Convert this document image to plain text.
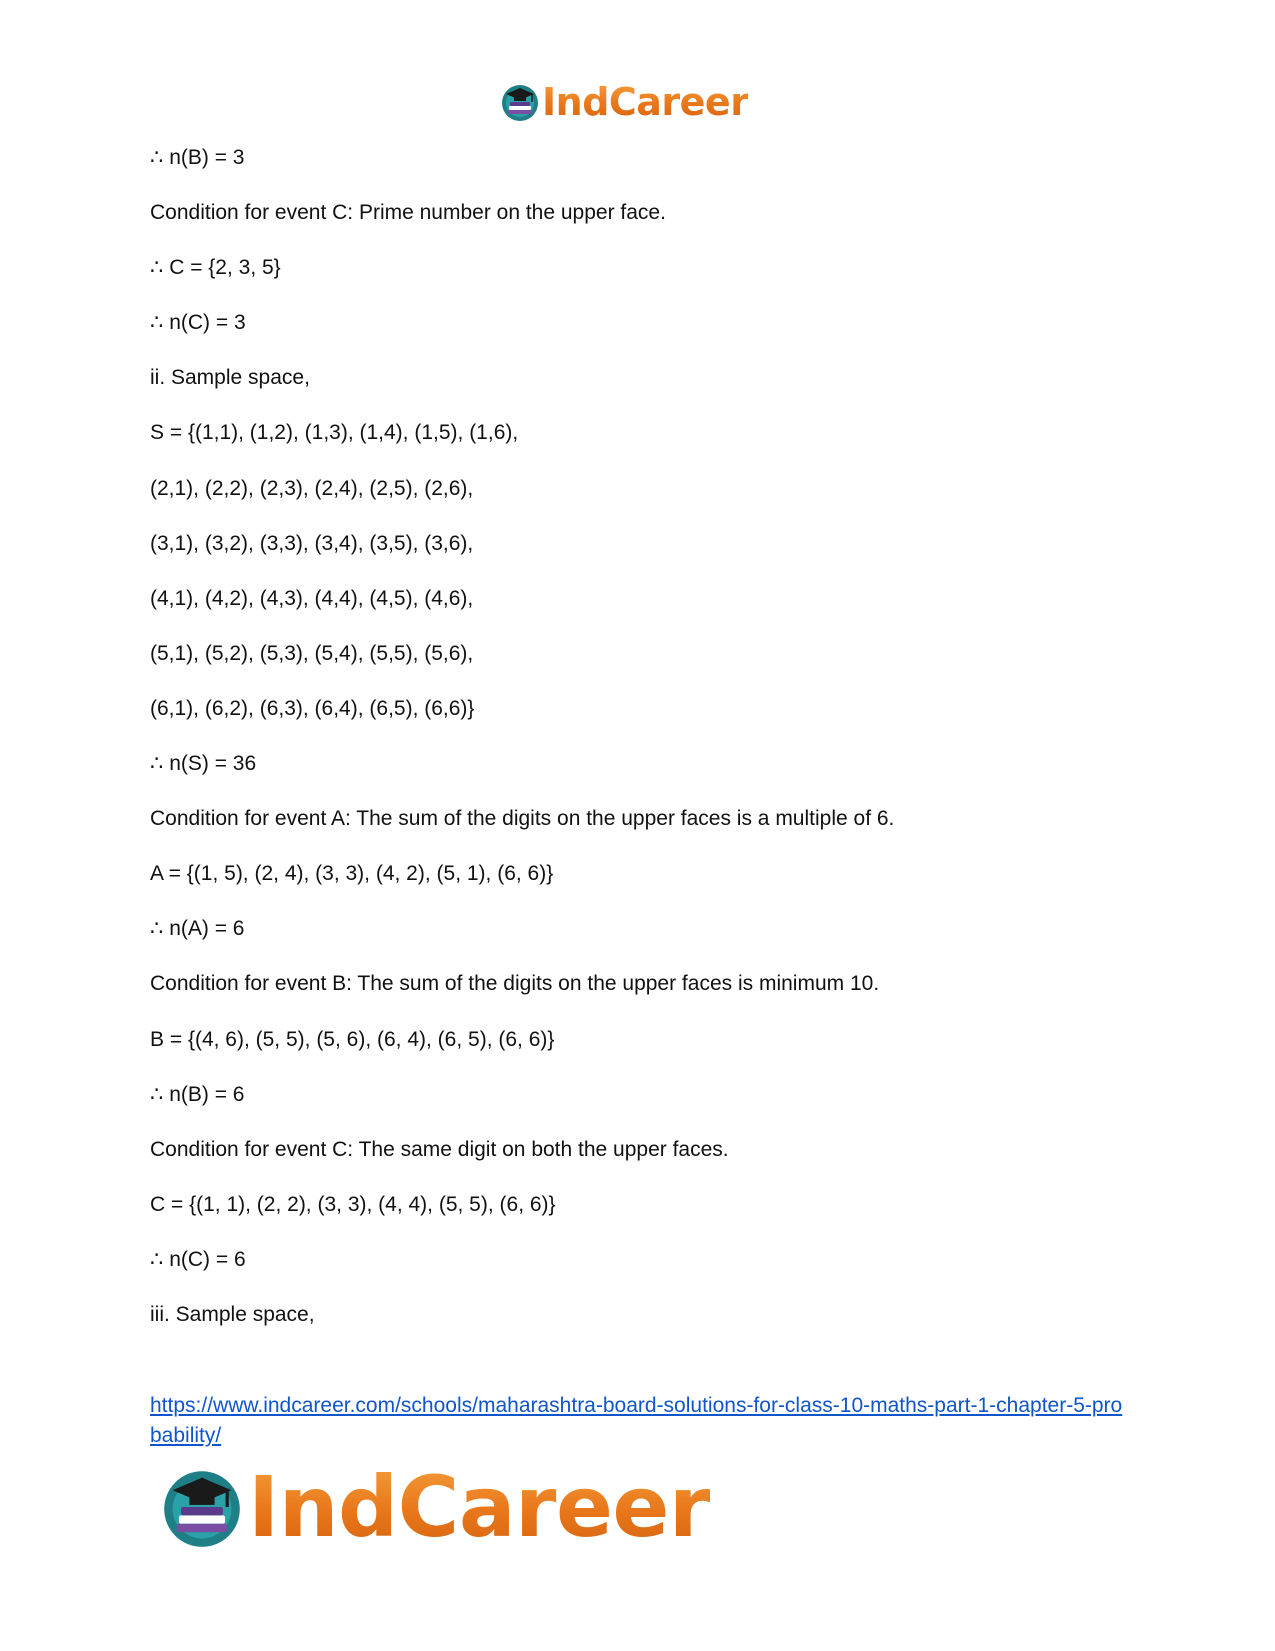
IndCareer
∴ n(B) = 3
Condition for event C: Prime number on the upper face.
∴ C = {2, 3, 5}
∴ n(C) = 3
ii. Sample space,
S = {(1,1), (1,2), (1,3), (1,4), (1,5), (1,6),
(2,1), (2,2), (2,3), (2,4), (2,5), (2,6),
(3,1), (3,2), (3,3), (3,4), (3,5), (3,6),
(4,1), (4,2), (4,3), (4,4), (4,5), (4,6),
(5,1), (5,2), (5,3), (5,4), (5,5), (5,6),
(6,1), (6,2), (6,3), (6,4), (6,5), (6,6)}
∴ n(S) = 36
Condition for event A: The sum of the digits on the upper faces is a multiple of 6.
A = {(1, 5), (2, 4), (3, 3), (4, 2), (5, 1), (6, 6)}
∴ n(A) = 6
Condition for event B: The sum of the digits on the upper faces is minimum 10.
B = {(4, 6), (5, 5), (5, 6), (6, 4), (6, 5), (6, 6)}
∴ n(B) = 6
Condition for event C: The same digit on both the upper faces.
C = {(1, 1), (2, 2), (3, 3), (4, 4), (5, 5), (6, 6)}
∴ n(C) = 6
iii. Sample space,
https://www.indcareer.com/schools/maharashtra-board-solutions-for-class-10-maths-part-1-chapter-5-probability/
IndCareer
